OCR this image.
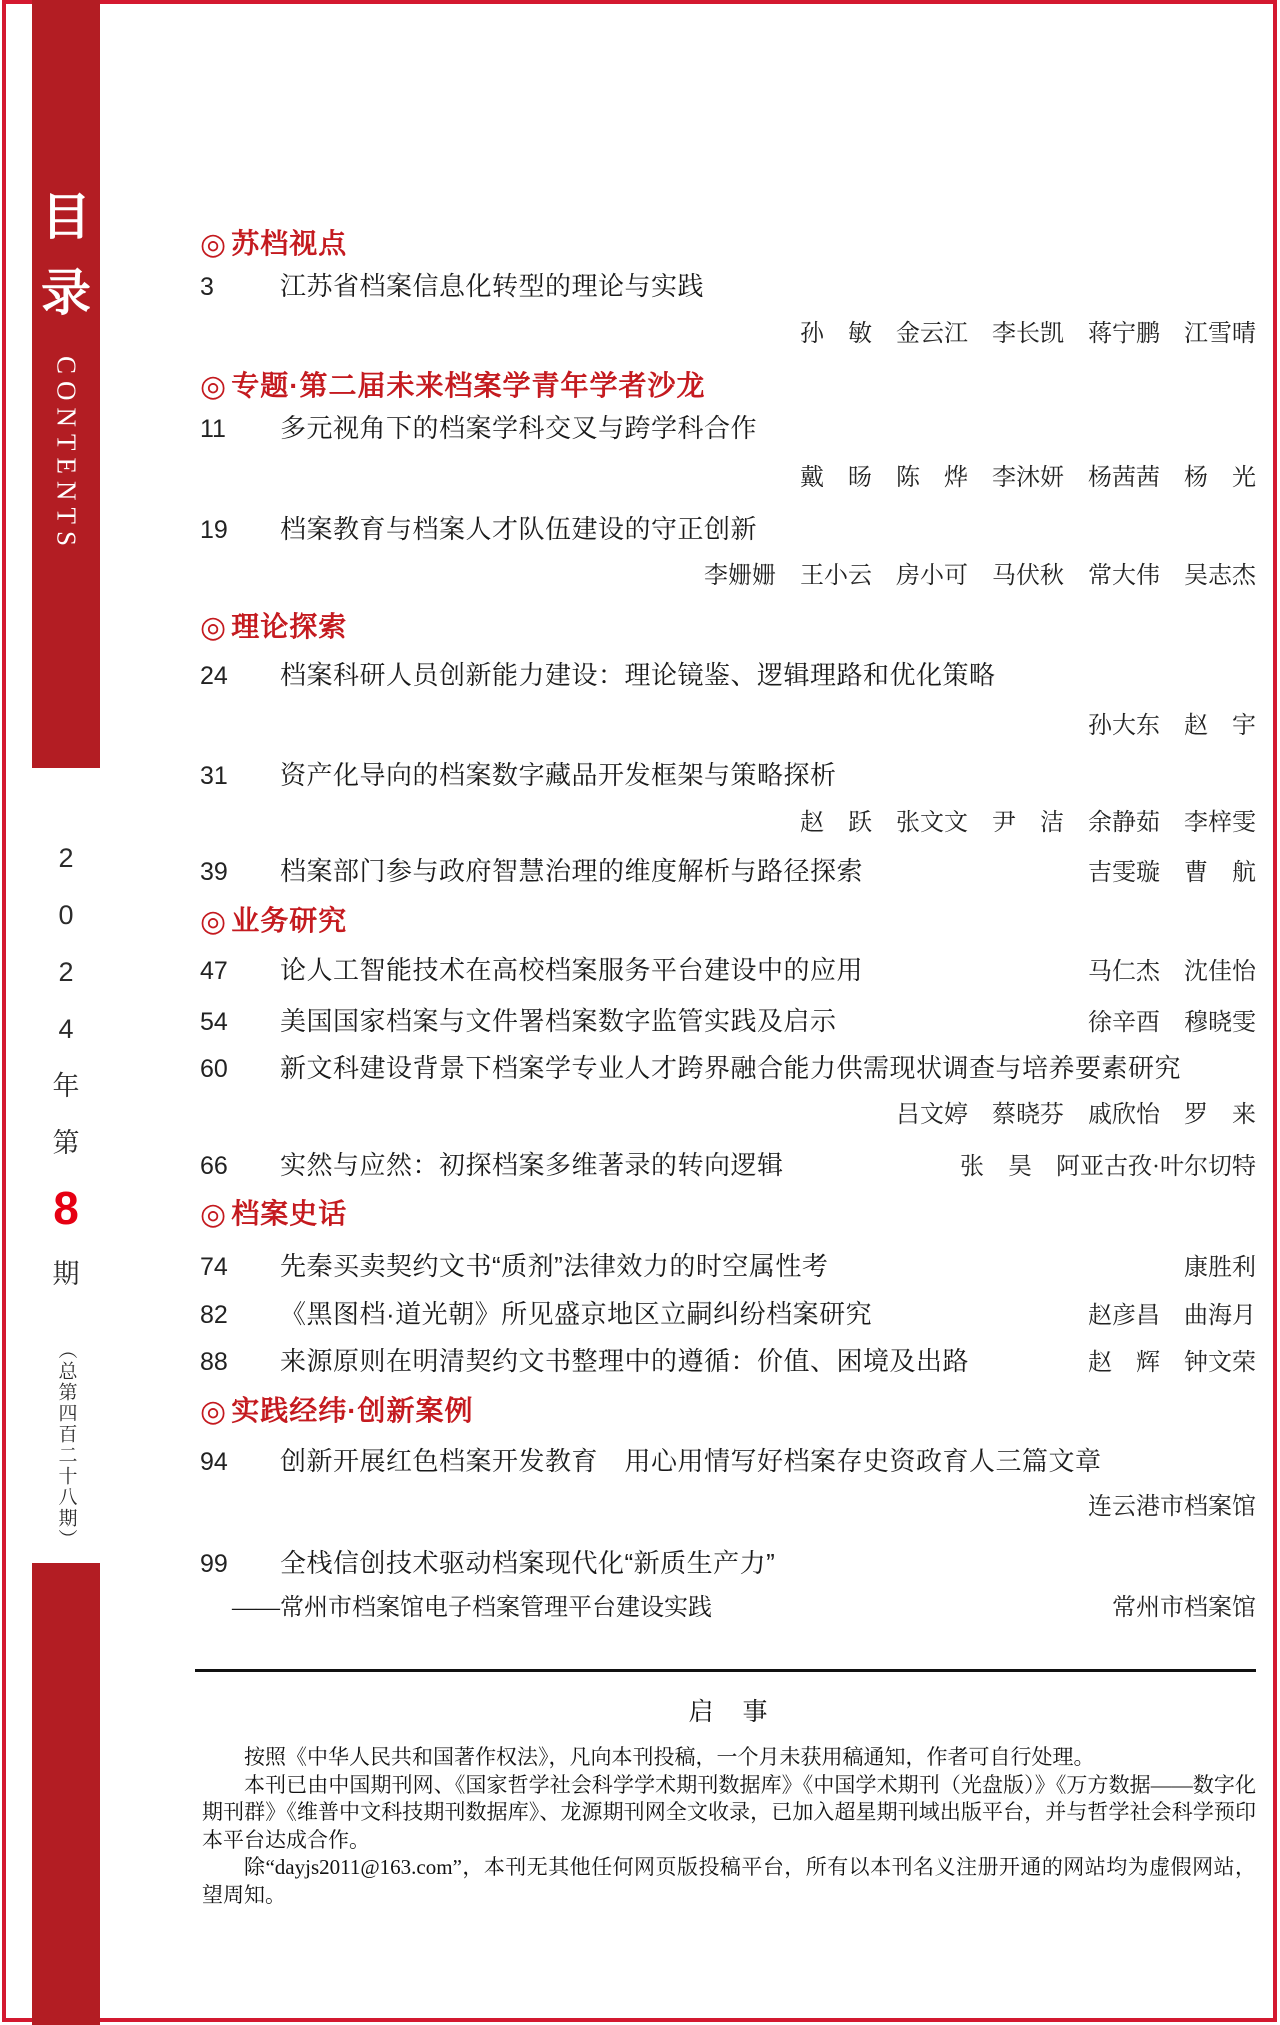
目
录
CONTENTS
2
0
2
4
年
第
8
期
（总第四百二十八期）
◎ 苏档视点
3	江苏省档案信息化转型的理论与实践
孙　敏　金云江　李长凯　蒋宁鹏　江雪晴
◎ 专题·第二届未来档案学青年学者沙龙
11	多元视角下的档案学科交叉与跨学科合作
戴　旸　陈　烨　李沐妍　杨茜茜　杨　光
19	档案教育与档案人才队伍建设的守正创新
李姗姗　王小云　房小可　马伏秋　常大伟　吴志杰
◎ 理论探索
24	档案科研人员创新能力建设：理论镜鉴、逻辑理路和优化策略
孙大东　赵　宇
31	资产化导向的档案数字藏品开发框架与策略探析
赵　跃　张文文　尹　洁　余静茹　李梓雯
39	档案部门参与政府智慧治理的维度解析与路径探索	吉雯璇　曹　航
◎ 业务研究
47	论人工智能技术在高校档案服务平台建设中的应用	马仁杰　沈佳怡
54	美国国家档案与文件署档案数字监管实践及启示	徐辛酉　穆晓雯
60	新文科建设背景下档案学专业人才跨界融合能力供需现状调查与培养要素研究
吕文婷　蔡晓芬　戚欣怡　罗　来
66	实然与应然：初探档案多维著录的转向逻辑	张　昊　阿亚古孜·叶尔切特
◎ 档案史话
74	先秦买卖契约文书“质剂”法律效力的时空属性考	康胜利
82	《黑图档·道光朝》所见盛京地区立嗣纠纷档案研究	赵彦昌　曲海月
88	来源原则在明清契约文书整理中的遵循：价值、困境及出路	赵　辉　钟文荣
◎ 实践经纬·创新案例
94	创新开展红色档案开发教育　用心用情写好档案存史资政育人三篇文章
连云港市档案馆
99	全栈信创技术驱动档案现代化“新质生产力”
——常州市档案馆电子档案管理平台建设实践	常州市档案馆
启　事

按照《中华人民共和国著作权法》，凡向本刊投稿，一个月未获用稿通知，作者可自行处理。

本刊已由中国期刊网、《国家哲学社会科学学术期刊数据库》《中国学术期刊（光盘版）》《万方数据——数字化期刊群》《维普中文科技期刊数据库》、龙源期刊网全文收录，已加入超星期刊域出版平台，并与哲学社会科学预印本平台达成合作。

除“dayjs2011@163.com”，本刊无其他任何网页版投稿平台，所有以本刊名义注册开通的网站均为虚假网站，望周知。
